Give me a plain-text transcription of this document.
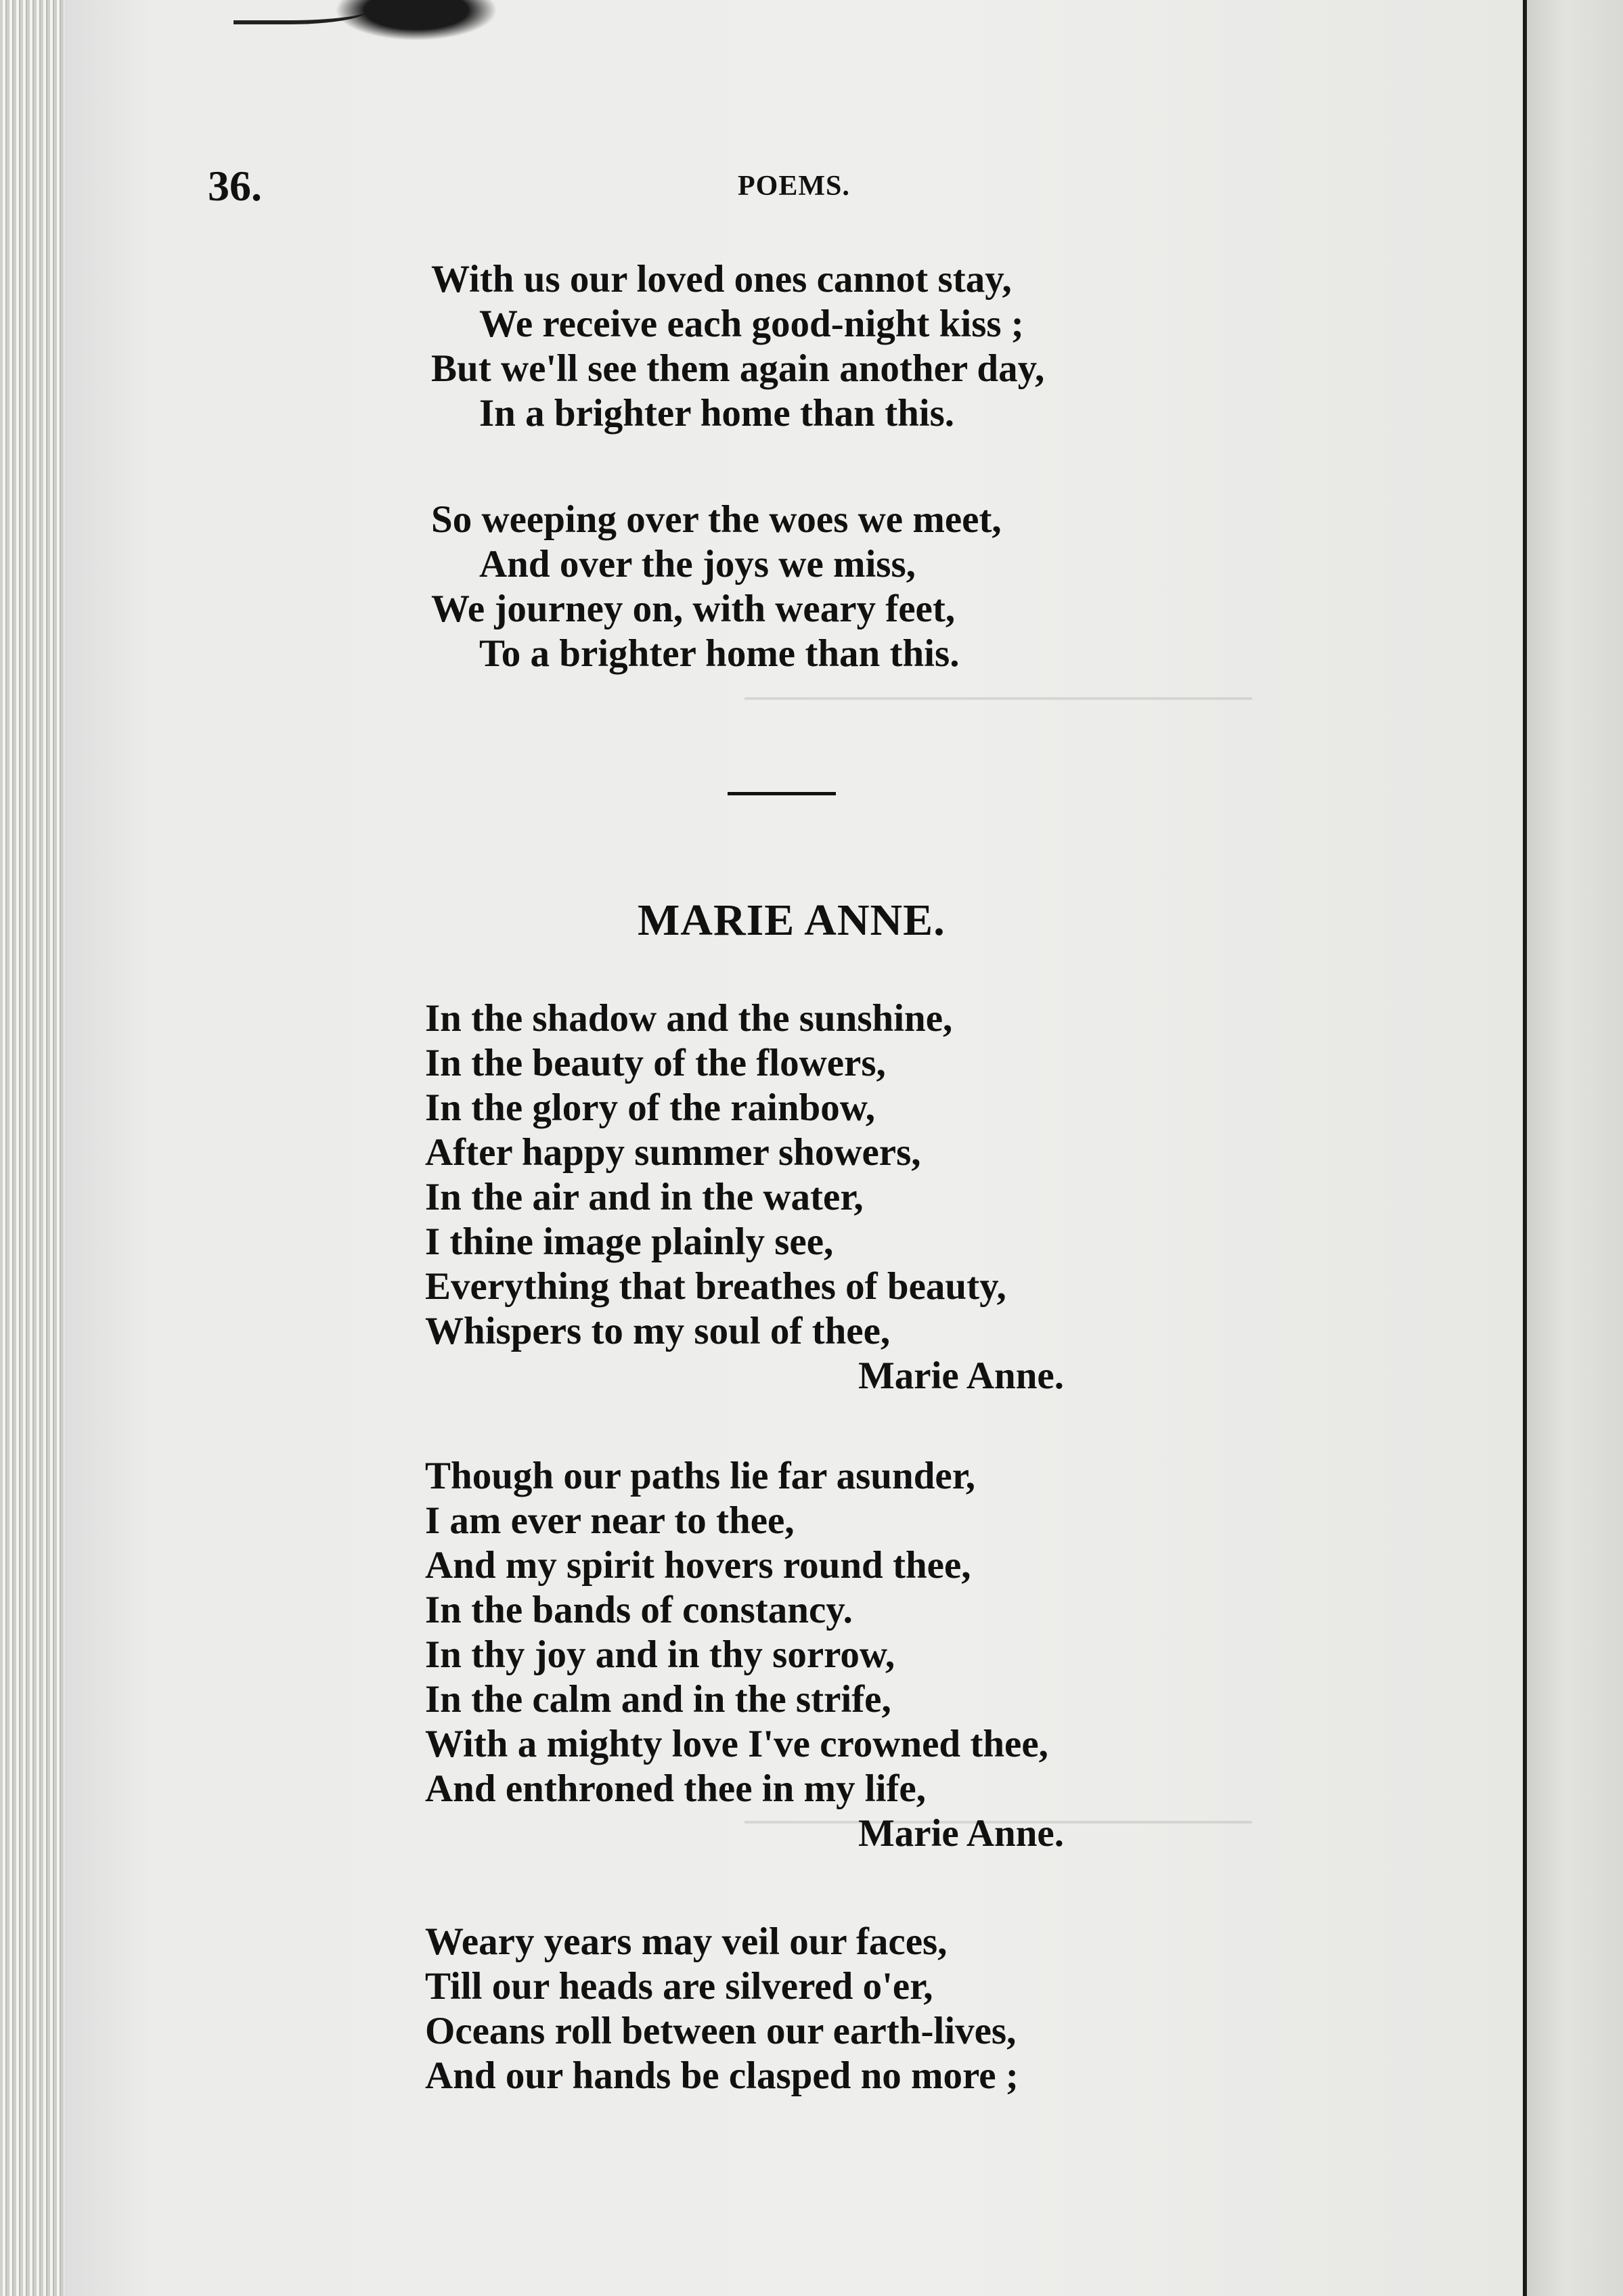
36.	POEMS.
With us our loved ones cannot stay,
We receive each good-night kiss ;
But we'll see them again another day,
In a brighter home than this.
So weeping over the woes we meet,
And over the joys we miss,
We journey on, with weary feet,
To a brighter home than this.
MARIE ANNE.
In the shadow and the sunshine,
In the beauty of the flowers,
In the glory of the rainbow,
After happy summer showers,
In the air and in the water,
I thine image plainly see,
Everything that breathes of beauty,
Whispers to my soul of thee,
Marie Anne.
Though our paths lie far asunder,
I am ever near to thee,
And my spirit hovers round thee,
In the bands of constancy.
In thy joy and in thy sorrow,
In the calm and in the strife,
With a mighty love I've crowned thee,
And enthroned thee in my life,
Marie Anne.
Weary years may veil our faces,
Till our heads are silvered o'er,
Oceans roll between our earth-lives,
And our hands be clasped no more ;
